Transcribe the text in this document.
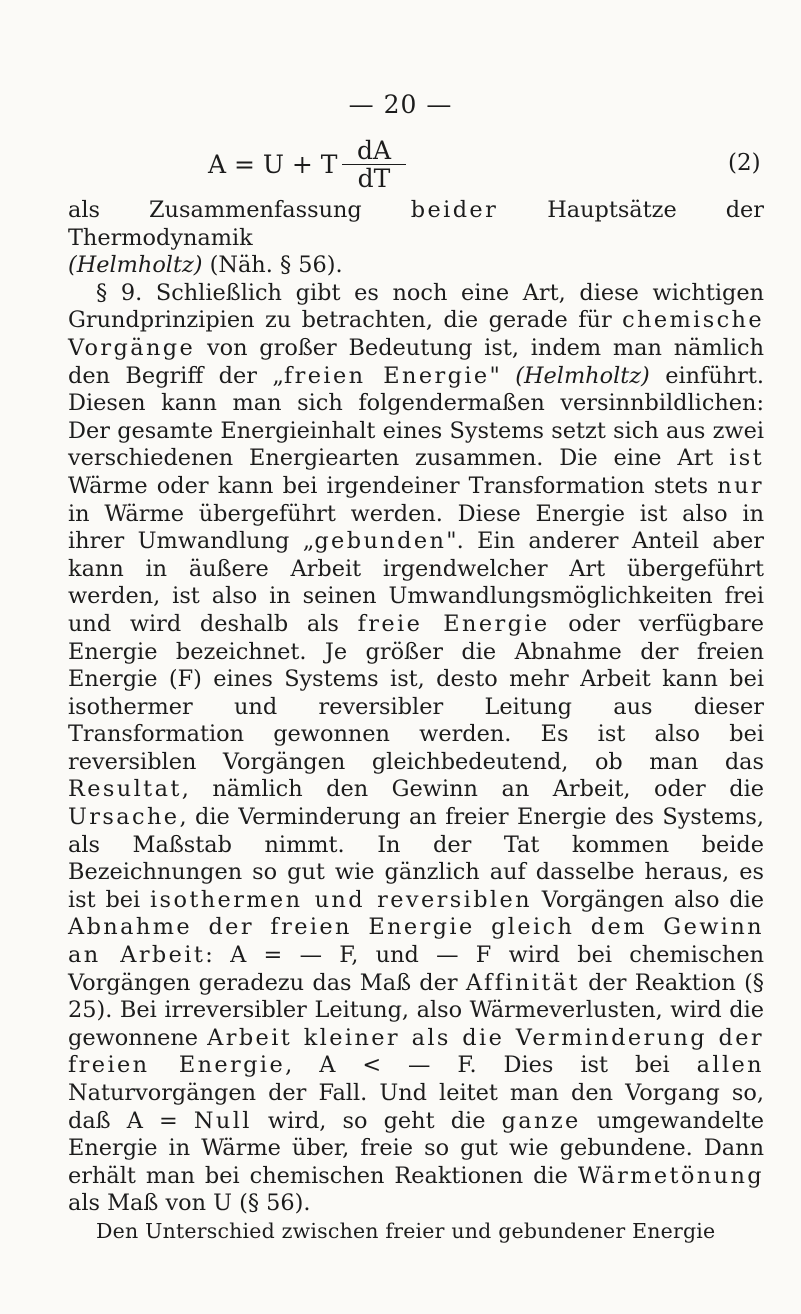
— 20 —
A = U + T $\frac{dA}{dT}$	(2)

als Zusammenfassung beider Hauptsätze der Thermodynamik
(Helmholtz) (Näh. § 56).

§ 9. Schließlich gibt es noch eine Art, diese wichtigen Grundprinzipien zu betrachten, die gerade für chemische Vorgänge von großer Bedeutung ist, indem man nämlich den Begriff der „freien Energie" (Helmholtz) einführt. Diesen kann man sich folgendermaßen versinnbildlichen: Der gesamte Energieinhalt eines Systems setzt sich aus zwei verschiedenen Energiearten zusammen. Die eine Art ist Wärme oder kann bei irgendeiner Transformation stets nur in Wärme übergeführt werden. Diese Energie ist also in ihrer Umwandlung „gebunden". Ein anderer Anteil aber kann in äußere Arbeit irgendwelcher Art übergeführt werden, ist also in seinen Umwandlungsmöglichkeiten frei und wird deshalb als freie Energie oder verfügbare Energie bezeichnet. Je größer die Abnahme der freien Energie (F) eines Systems ist, desto mehr Arbeit kann bei isothermer und reversibler Leitung aus dieser Transformation gewonnen werden. Es ist also bei reversiblen Vorgängen gleichbedeutend, ob man das Resultat, nämlich den Gewinn an Arbeit, oder die Ursache, die Verminderung an freier Energie des Systems, als Maßstab nimmt. In der Tat kommen beide Bezeichnungen so gut wie gänzlich auf dasselbe heraus, es ist bei isothermen und reversiblen Vorgängen also die Abnahme der freien Energie gleich dem Gewinn an Arbeit: A = — F, und — F wird bei chemischen Vorgängen geradezu das Maß der Affinität der Reaktion (§ 25). Bei irreversibler Leitung, also Wärmeverlusten, wird die gewonnene Arbeit kleiner als die Verminderung der freien Energie, A < — F. Dies ist bei allen Naturvorgängen der Fall. Und leitet man den Vorgang so, daß A = Null wird, so geht die ganze umgewandelte Energie in Wärme über, freie so gut wie gebundene. Dann erhält man bei chemischen Reaktionen die Wärmetönung als Maß von U (§ 56).

Den Unterschied zwischen freier und gebundener Energie
